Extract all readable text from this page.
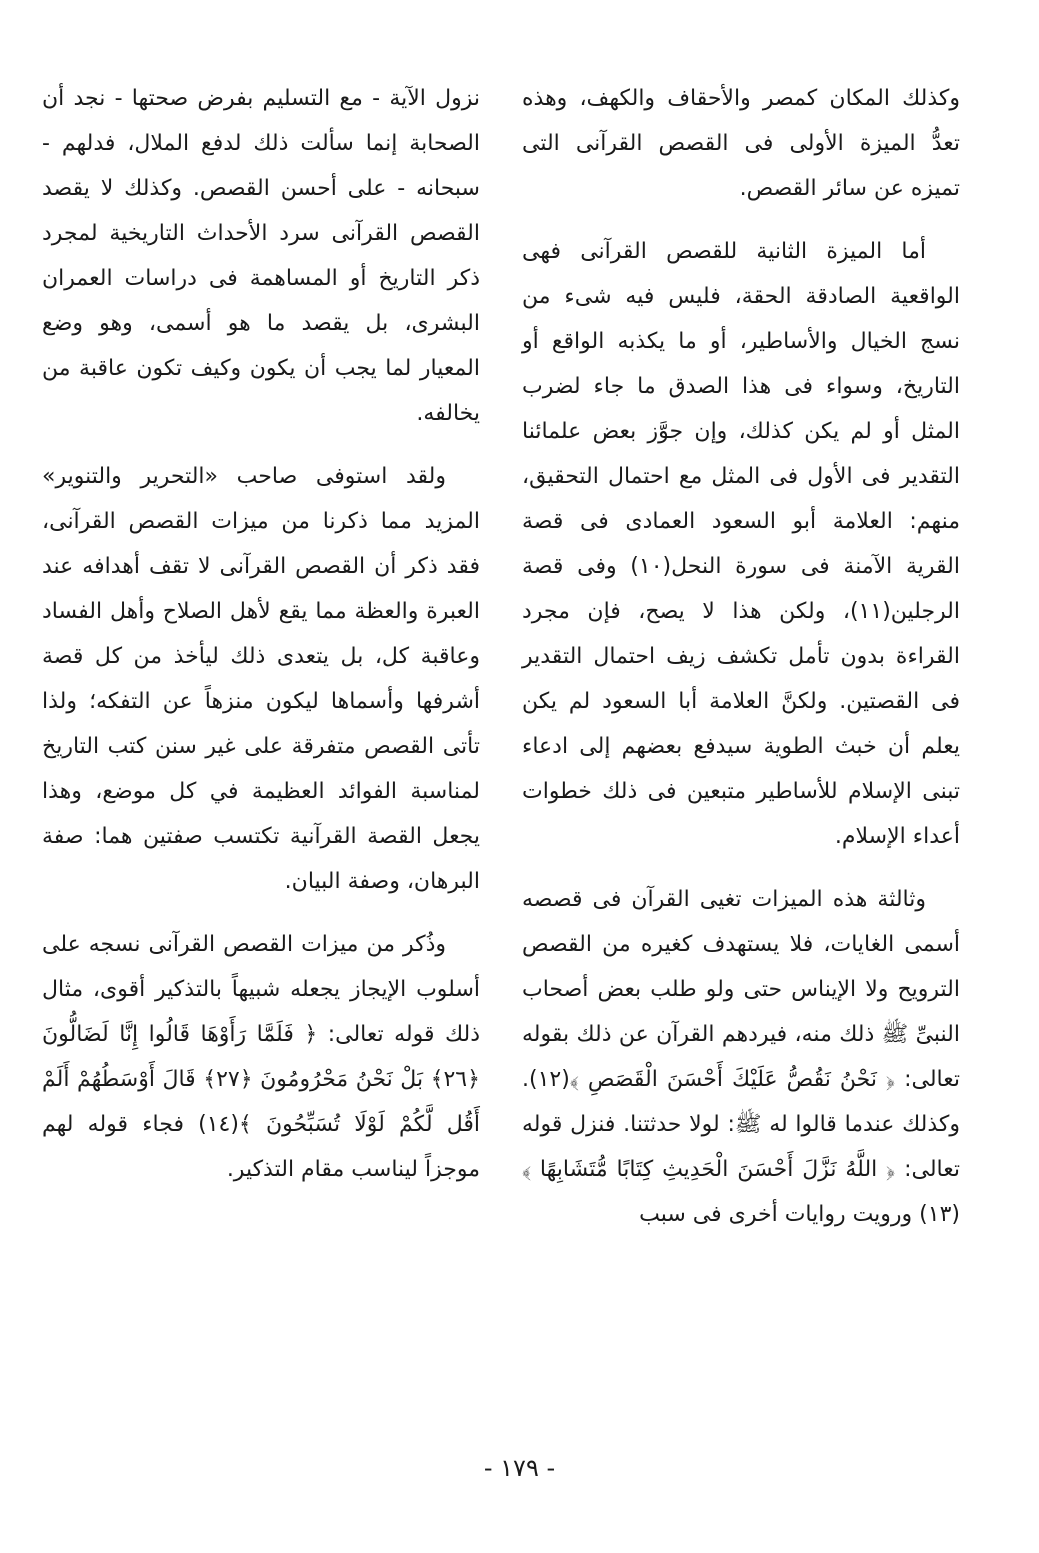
وكذلك المكان كمصر والأحقاف والكهف، وهذه تعدُّ الميزة الأولى فى القصص القرآنى التى تميزه عن سائر القصص.

أما الميزة الثانية للقصص القرآنى فهى الواقعية الصادقة الحقة، فليس فيه شىء من نسج الخيال والأساطير، أو ما يكذبه الواقع أو التاريخ، وسواء فى هذا الصدق ما جاء لضرب المثل أو لم يكن كذلك، وإن جوَّز بعض علمائنا التقدير فى الأول فى المثل مع احتمال التحقيق، منهم: العلامة أبو السعود العمادى فى قصة القرية الآمنة فى سورة النحل(١٠) وفى قصة الرجلين(١١)، ولكن هذا لا يصح، فإن مجرد القراءة بدون تأمل تكشف زيف احتمال التقدير فى القصتين. ولكنَّ العلامة أبا السعود لم يكن يعلم أن خبث الطوية سيدفع بعضهم إلى ادعاء تبنى الإسلام للأساطير متبعين فى ذلك خطوات أعداء الإسلام.

وثالثة هذه الميزات تغيى القرآن فى قصصه أسمى الغايات، فلا يستهدف كغيره من القصص الترويح ولا الإيناس حتى ولو طلب بعض أصحاب النبىِّ ﷺ ذلك منه، فيردهم القرآن عن ذلك بقوله تعالى: ﴿ نَحْنُ نَقُصُّ عَلَيْكَ أَحْسَنَ الْقَصَصِ ﴾(١٢). وكذلك عندما قالوا له ﷺ: لولا حدثتنا. فنزل قوله تعالى: ﴿ اللَّهُ نَزَّلَ أَحْسَنَ الْحَدِيثِ كِتَابًا مُّتَشَابِهًا ﴾(١٣) ورويت روايات أخرى فى سبب

نزول الآية - مع التسليم بفرض صحتها - نجد أن الصحابة إنما سألت ذلك لدفع الملال، فدلهم - سبحانه - على أحسن القصص. وكذلك لا يقصد القصص القرآنى سرد الأحداث التاريخية لمجرد ذكر التاريخ أو المساهمة فى دراسات العمران البشرى، بل يقصد ما هو أسمى، وهو وضع المعيار لما يجب أن يكون وكيف تكون عاقبة من يخالفه.

ولقد استوفى صاحب «التحرير والتنوير» المزيد مما ذكرنا من ميزات القصص القرآنى، فقد ذكر أن القصص القرآنى لا تقف أهدافه عند العبرة والعظة مما يقع لأهل الصلاح وأهل الفساد وعاقبة كل، بل يتعدى ذلك ليأخذ من كل قصة أشرفها وأسماها ليكون منزهاً عن التفكه؛ ولذا تأتى القصص متفرقة على غير سنن كتب التاريخ لمناسبة الفوائد العظيمة في كل موضع، وهذا يجعل القصة القرآنية تكتسب صفتين هما: صفة البرهان، وصفة البيان.

وذُكر من ميزات القصص القرآنى نسجه على أسلوب الإيجاز يجعله شبيهاً بالتذكير أقوى، مثال ذلك قوله تعالى: ﴿ فَلَمَّا رَأَوْهَا قَالُوا إِنَّا لَضَالُّونَ ﴿٢٦﴾ بَلْ نَحْنُ مَحْرُومُونَ ﴿٢٧﴾ قَالَ أَوْسَطُهُمْ أَلَمْ أَقُل لَّكُمْ لَوْلَا تُسَبِّحُونَ ﴾(١٤) فجاء قوله لهم موجزاً ليناسب مقام التذكير.

- ١٧٩ -
